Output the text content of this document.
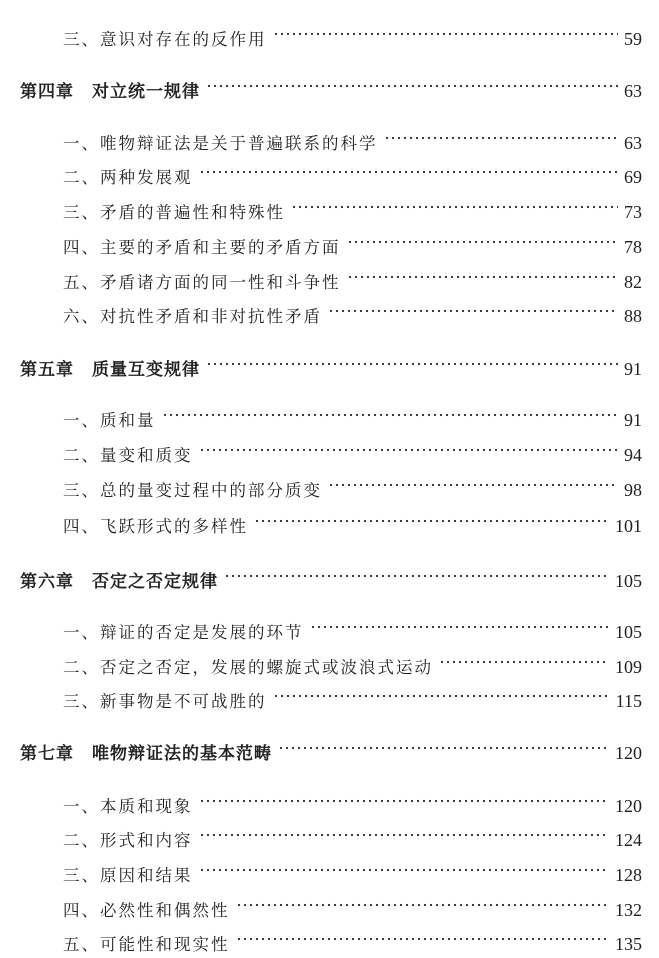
三、意识对存在的反作用	59
第四章　对立统一规律	63
一、唯物辩证法是关于普遍联系的科学	63
二、两种发展观	69
三、矛盾的普遍性和特殊性	73
四、主要的矛盾和主要的矛盾方面	78
五、矛盾诸方面的同一性和斗争性	82
六、对抗性矛盾和非对抗性矛盾	88
第五章　质量互变规律	91
一、质和量	91
二、量变和质变	94
三、总的量变过程中的部分质变	98
四、飞跃形式的多样性	101
第六章　否定之否定规律	105
一、辩证的否定是发展的环节	105
二、否定之否定，发展的螺旋式或波浪式运动	109
三、新事物是不可战胜的	115
第七章　唯物辩证法的基本范畴	120
一、本质和现象	120
二、形式和内容	124
三、原因和结果	128
四、必然性和偶然性	132
五、可能性和现实性	135
